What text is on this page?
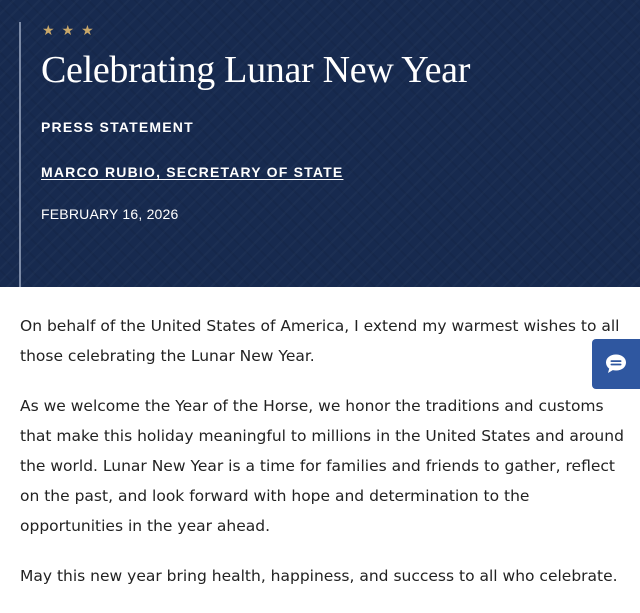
★★★
Celebrating Lunar New Year
PRESS STATEMENT
MARCO RUBIO, SECRETARY OF STATE
FEBRUARY 16, 2026

On behalf of the United States of America, I extend my warmest wishes to all those celebrating the Lunar New Year.

As we welcome the Year of the Horse, we honor the traditions and customs that make this holiday meaningful to millions in the United States and around the world. Lunar New Year is a time for families and friends to gather, reflect on the past, and look forward with hope and determination to the opportunities in the year ahead.

May this new year bring health, happiness, and success to all who celebrate.
